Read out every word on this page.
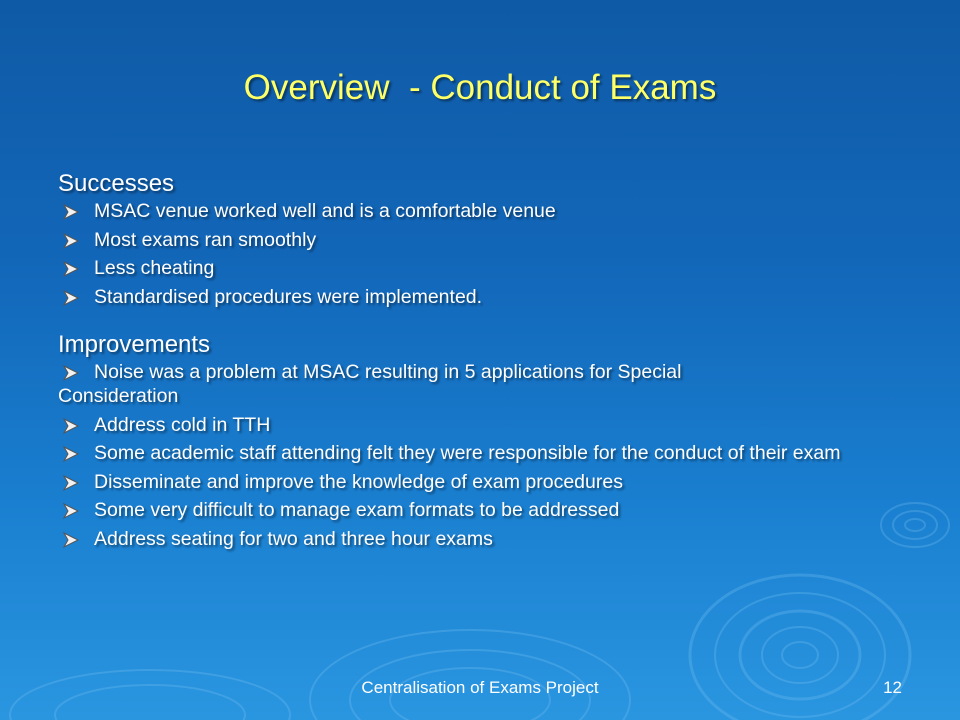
Overview  - Conduct of Exams
Successes
MSAC venue worked well and is a comfortable venue
Most exams ran smoothly
Less cheating
Standardised procedures were implemented.
Improvements
Noise was a problem at MSAC resulting in 5 applications for Special
Consideration
Address cold in TTH
Some academic staff attending felt they were responsible for the conduct of their exam
Disseminate and improve the knowledge of exam procedures
Some very difficult to manage exam formats to be addressed
Address seating for two and three hour exams
Centralisation of Exams Project	12
